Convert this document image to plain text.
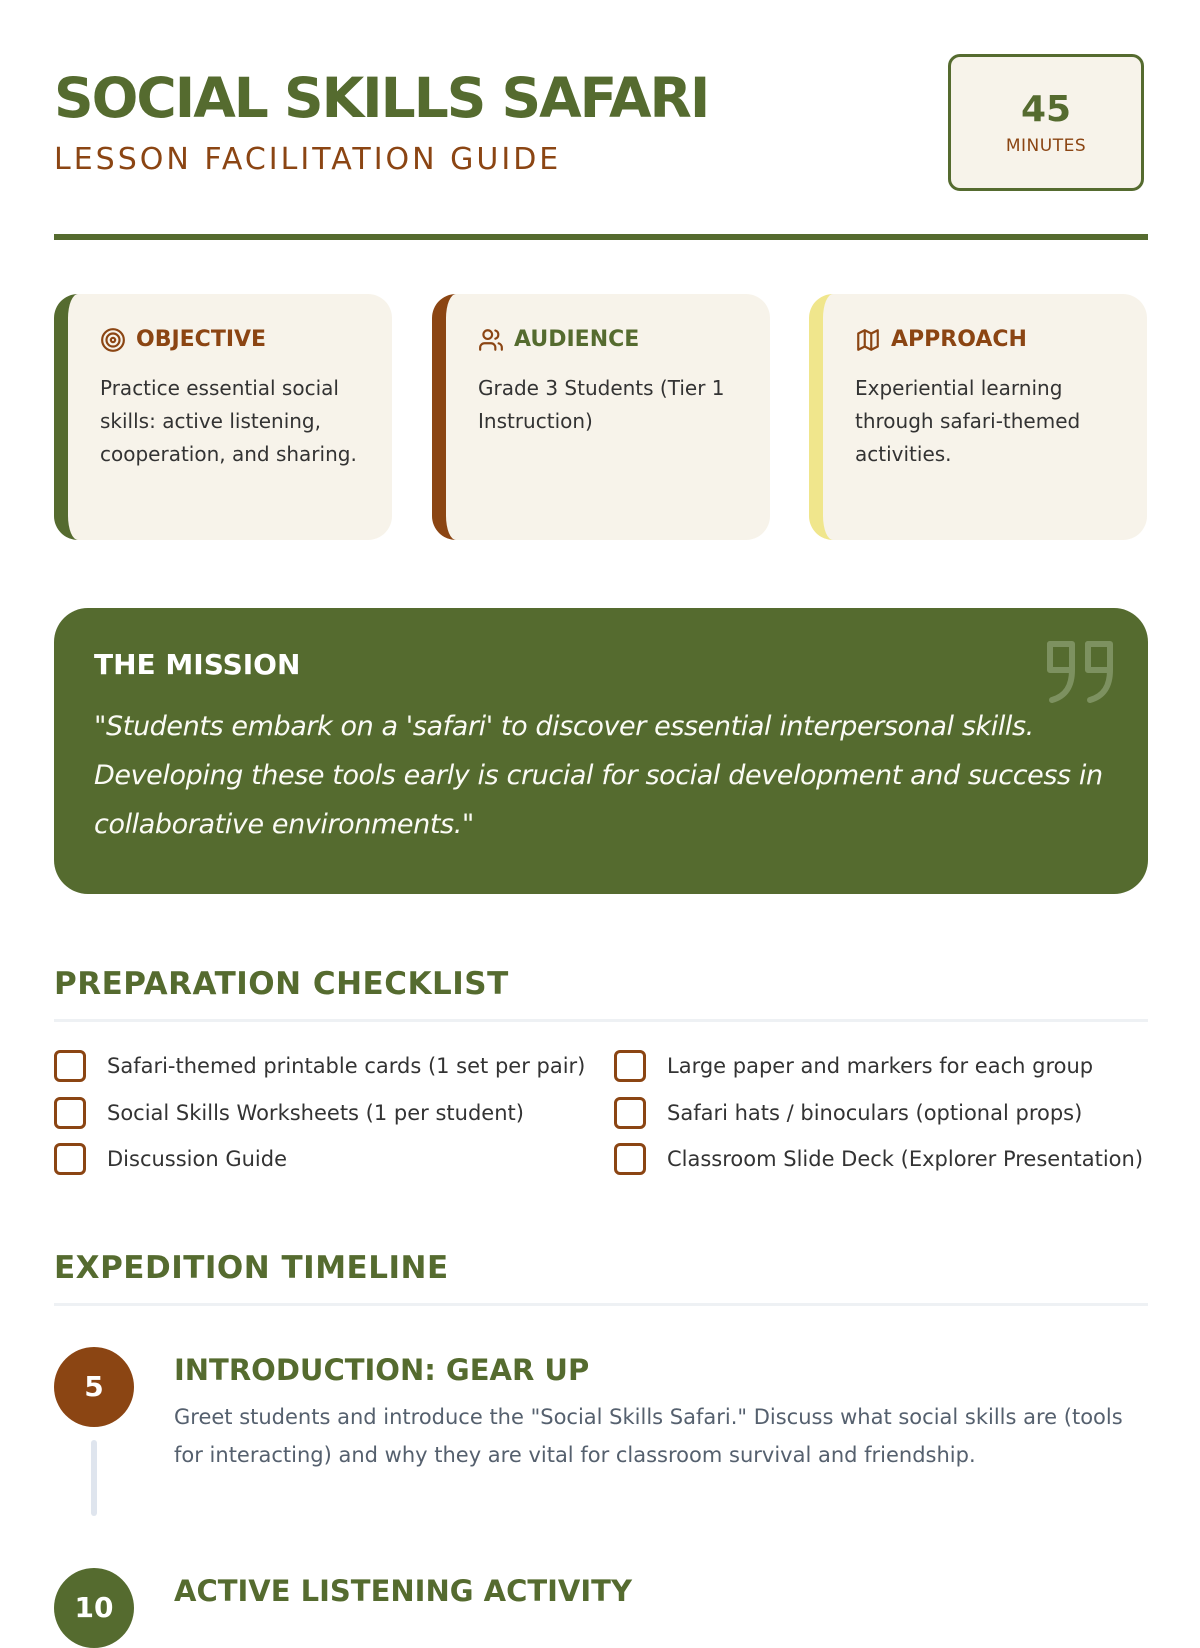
SOCIAL SKILLS SAFARI
LESSON FACILITATION GUIDE
45
MINUTES
OBJECTIVE
Practice essential social skills: active listening, cooperation, and sharing.
AUDIENCE
Grade 3 Students (Tier 1 Instruction)
APPROACH
Experiential learning through safari-themed activities.
THE MISSION
"Students embark on a 'safari' to discover essential interpersonal skills. Developing these tools early is crucial for social development and success in collaborative environments."
PREPARATION CHECKLIST
Safari-themed printable cards (1 set per pair)
Social Skills Worksheets (1 per student)
Discussion Guide
Large paper and markers for each group
Safari hats / binoculars (optional props)
Classroom Slide Deck (Explorer Presentation)
EXPEDITION TIMELINE
5	INTRODUCTION: GEAR UP
Greet students and introduce the "Social Skills Safari." Discuss what social skills are (tools for interacting) and why they are vital for classroom survival and friendship.
10	ACTIVE LISTENING ACTIVITY
